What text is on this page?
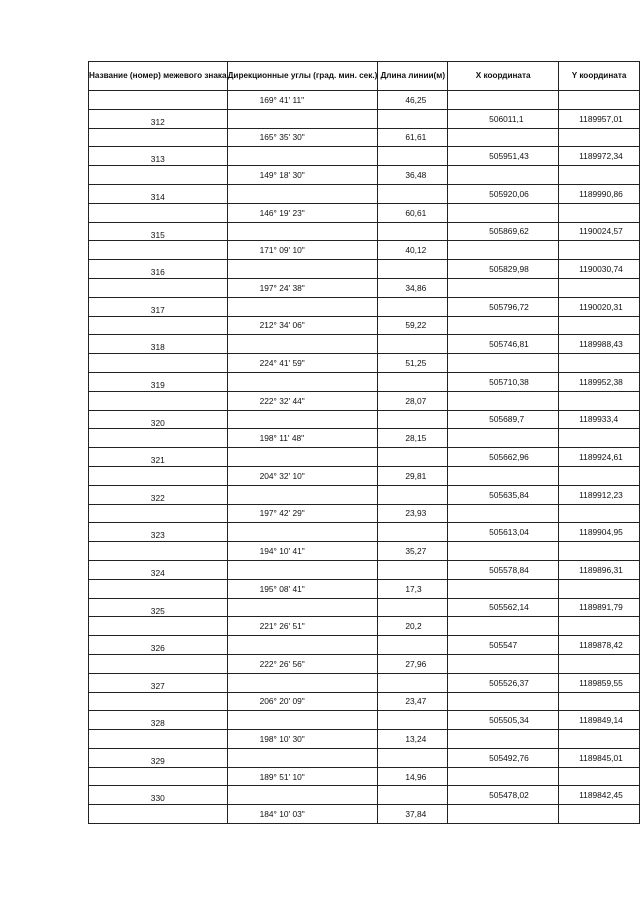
Название (номер) межевого знака	Дирекционные углы (град. мин. сек.)	Длина линии(м)	X координата	Y координата
	169° 41' 11"	46,25		
312			506011,1	1189957,01
	165° 35' 30"	61,61		
313			505951,43	1189972,34
	149° 18' 30"	36,48		
314			505920,06	1189990,86
	146° 19' 23"	60,61		
315			505869,62	1190024,57
	171° 09' 10"	40,12		
316			505829,98	1190030,74
	197° 24' 38"	34,86		
317			505796,72	1190020,31
	212° 34' 06"	59,22		
318			505746,81	1189988,43
	224° 41' 59"	51,25		
319			505710,38	1189952,38
	222° 32' 44"	28,07		
320			505689,7	1189933,4
	198° 11' 48"	28,15		
321			505662,96	1189924,61
	204° 32' 10"	29,81		
322			505635,84	1189912,23
	197° 42' 29"	23,93		
323			505613,04	1189904,95
	194° 10' 41"	35,27		
324			505578,84	1189896,31
	195° 08' 41"	17,3		
325			505562,14	1189891,79
	221° 26' 51"	20,2		
326			505547	1189878,42
	222° 26' 56"	27,96		
327			505526,37	1189859,55
	206° 20' 09"	23,47		
328			505505,34	1189849,14
	198° 10' 30"	13,24		
329			505492,76	1189845,01
	189° 51' 10"	14,96		
330			505478,02	1189842,45
	184° 10' 03"	37,84		
